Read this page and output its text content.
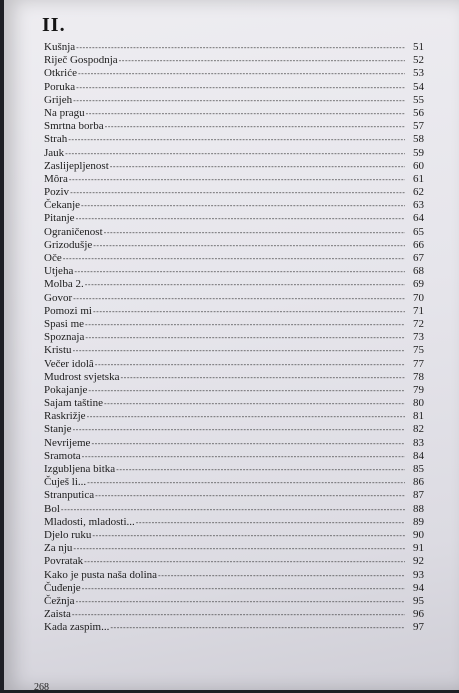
II.
Kušnja -----	51
Riječ Gospodnja -----	52
Otkriće -----	53
Poruka -----	54
Grijeh -----	55
Na pragu -----	56
Smrtna borba -----	57
Strah -----	58
Jauk -----	59
Zaslijepljenost -----	60
Môra -----	61
Poziv -----	62
Čekanje -----	63
Pitanje -----	64
Ograničenost -----	65
Grizodušje -----	66
Oče -----	67
Utjeha -----	68
Molba 2. -----	69
Govor -----	70
Pomozi mi -----	71
Spasi me -----	72
Spoznaja -----	73
Kristu -----	75
Večer idolâ -----	77
Mudrost svjetska -----	78
Pokajanje -----	79
Sajam taštine -----	80
Raskrižje -----	81
Stanje -----	82
Nevrijeme -----	83
Sramota -----	84
Izgubljena bitka -----	85
Čuješ li... -----	86
Stranputica -----	87
Bol -----	88
Mladosti, mladosti... -----	89
Djelo ruku -----	90
Za nju -----	91
Povratak -----	92
Kako je pusta naša dolina -----	93
Čuđenje -----	94
Čežnja -----	95
Zaista -----	96
Kada zaspim... -----	97
268
